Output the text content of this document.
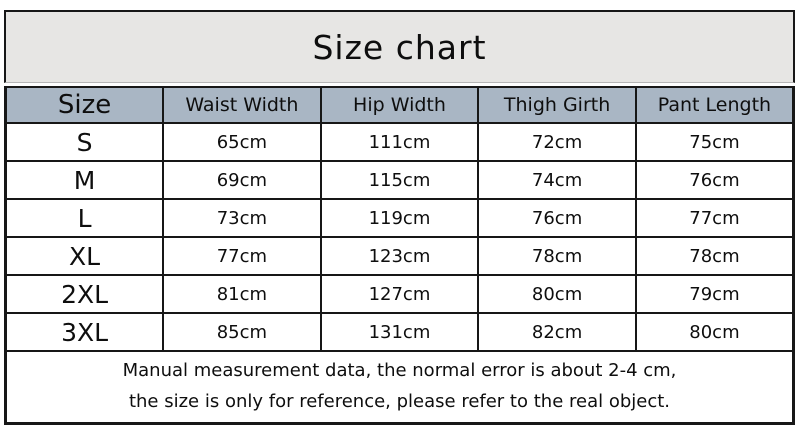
Size chart
Size	Waist Width	Hip Width	Thigh Girth	Pant Length
S	65cm	111cm	72cm	75cm
M	69cm	115cm	74cm	76cm
L	73cm	119cm	76cm	77cm
XL	77cm	123cm	78cm	78cm
2XL	81cm	127cm	80cm	79cm
3XL	85cm	131cm	82cm	80cm

Manual measurement data, the normal error is about 2-4 cm,
the size is only for reference, please refer to the real object.				
